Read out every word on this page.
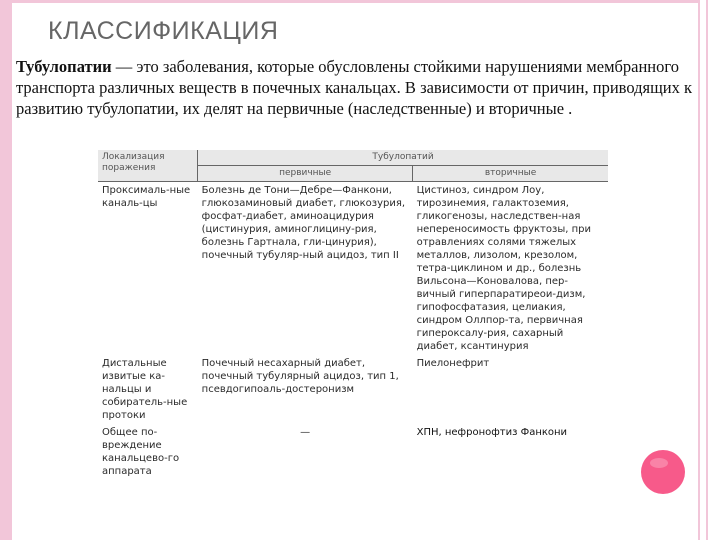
КЛАССИФИКАЦИЯ

Тубулопатии — это заболевания, которые обусловлены стойкими нарушениями мембранного транспорта различных веществ в почечных канальцах. В зависимости от причин, приводящих к развитию тубулопатии, их делят на первичные (наследственные) и вторичные .

Локализация поражения	Тубулопатий	
	первичные	вторичные
Проксималь-ные каналь-цы	Болезнь де Тони—Дебре—Фанкони, глюкозаминовый диабет, глюкозурия, фосфат-диабет, аминоацидурия (цистинурия, аминоглицину-рия, болезнь Гартнала, гли-цинурия), почечный тубуляр-ный ацидоз, тип II	Цистиноз, синдром Лоу, тирозинемия, галактоземия, гликогенозы, наследствен-ная непереносимость фруктозы, при отравлениях солями тяжелых металлов, лизолом, крезолом, тетра-циклином и др., болезнь Вильсона—Коновалова, пер-вичный гиперпаратиреои-дизм, гипофосфатазия, целиакия, синдром Оллпор-та, первичная гипероксалу-рия, сахарный диабет, ксантинурия
Дистальные извитые ка-нальцы и собиратель-ные протоки	Почечный несахарный диабет, почечный тубулярный ацидоз, тип 1, псевдогипоаль-достеронизм	Пиелонефрит
Общее по-вреждение канальцево-го аппарата	—	ХПН, нефронофтиз Фанкони
